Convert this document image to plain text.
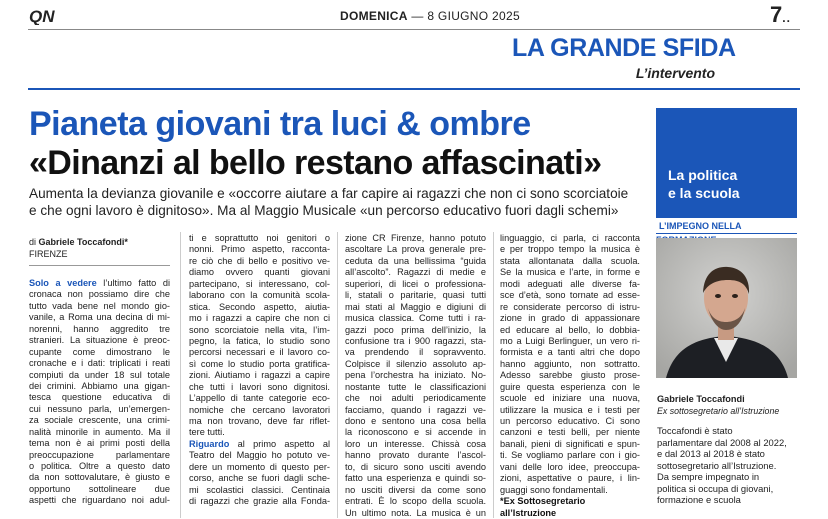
QN	DOMENICA — 8 GIUGNO 2025	7..
LA GRANDE SFIDA
L’intervento
Pianeta giovani tra luci & ombre
«Dinanzi al bello restano affascinati»
Aumenta la devianza giovanile e «occorre aiutare a far capire ai ragazzi che non ci sono scorciatoie e che ogni lavoro è dignitoso». Ma al Maggio Musicale «un percorso educativo fuori dagli schemi»
di Gabriele Toccafondi*
FIRENZE
Solo a vedere l’ultimo fatto di
cronaca non possiamo dire che
tutto vada bene nel mondo gio-
vanile, a Roma una decina di mi-
norenni, hanno aggredito tre
stranieri. La situazione è preoc-
cupante come dimostrano le
cronache e i dati: triplicati i reati
compiuti da under 18 sul totale
dei crimini. Abbiamo una gigan-
tesca questione educativa di
cui nessuno parla, un’emergen-
za sociale crescente, una crimi-
nalità minorile in aumento. Ma il
tema non è ai primi posti della
preoccupazione parlamentare
o politica. Oltre a questo dato
da non sottovalutare, è giusto e
opportuno sottolineare due
aspetti che riguardano noi adul-
ti e soprattutto noi genitori o
nonni. Primo aspetto, racconta-
re ciò che di bello e positivo ve-
diamo ovvero quanti giovani
partecipano, si interessano, col-
laborano con la comunità scola-
stica. Secondo aspetto, aiutia-
mo i ragazzi a capire che non ci
sono scorciatoie nella vita, l’im-
pegno, la fatica, lo studio sono
percorsi necessari e il lavoro co-
sì come lo studio porta gratifica-
zioni. Aiutiamo i ragazzi a capire
che tutti i lavori sono dignitosi.
L’appello di tante categorie eco-
nomiche che cercano lavoratori
ma non trovano, deve far riflet-
tere tutti.
Riguardo al primo aspetto al
Teatro del Maggio ho potuto ve-
dere un momento di questo per-
corso, anche se fuori dagli sche-
mi scolastici classici. Centinaia
di ragazzi che grazie alla Fonda-
zione CR Firenze, hanno potuto
ascoltare La prova generale pre-
ceduta da una bellissima “guida
all’ascolto”. Ragazzi di medie e
superiori, di licei o professiona-
li, statali o paritarie, quasi tutti
mai stati al Maggio e digiuni di
musica classica. Come tutti i ra-
gazzi poco prima dell’inizio, la
confusione tra i 900 ragazzi, sta-
va prendendo il sopravvento.
Colpisce il silenzio assoluto ap-
pena l’orchestra ha iniziato. No-
nostante tutte le classificazioni
che noi adulti periodicamente
facciamo, quando i ragazzi ve-
dono e sentono una cosa bella
la riconoscono e si accende in
loro un interesse. Chissà cosa
hanno provato durante l’ascol-
to, di sicuro sono usciti avendo
fatto una esperienza e quindi so-
no usciti diversi da come sono
entrati. È lo scopo della scuola.
Un ultimo nota. La musica è un
linguaggio, ci parla, ci racconta
e per troppo tempo la musica è
stata allontanata dalla scuola.
Se la musica e l’arte, in forme e
modi adeguati alle diverse fa-
sce d’età, sono tornate ad esse-
re considerate percorso di istru-
zione in grado di appassionare
ed educare al bello, lo dobbia-
mo a Luigi Berlinguer, un vero ri-
formista e a tanti altri che dopo
hanno aggiunto, non sottratto.
Adesso sarebbe giusto prose-
guire questa esperienza con le
scuole ed iniziare una nuova,
utilizzare la musica e i testi per
un percorso educativo. Ci sono
canzoni e testi belli, per niente
banali, pieni di significati e spun-
ti. Se vogliamo parlare con i gio-
vani delle loro idee, preoccupa-
zioni, aspettative o paure, i lin-
guaggi sono fondamentali.
*Ex Sottosegretario
all’Istruzione
La politica
e la scuola
L’IMPEGNO NELLA
Gabriele Toccafondi
Ex sottosegretario all’Istruzione
Toccafondi è stato
parlamentare dal 2008 al 2022,
e dal 2013 al 2018 è stato
sottosegretario all’Istruzione.
Da sempre impegnato in
politica si occupa di giovani,
formazione e scuola
